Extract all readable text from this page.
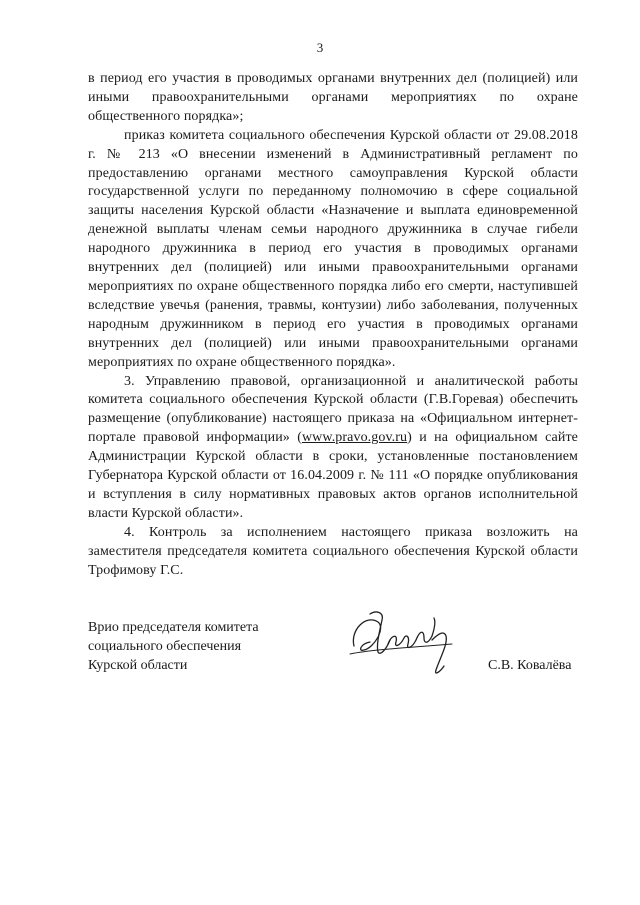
3

в период его участия в проводимых органами внутренних дел (полицией) или иными правоохранительными органами мероприятиях по охране общественного порядка»;

приказ комитета социального обеспечения Курской области от 29.08.2018 г. № 213 «О внесении изменений в Административный регламент по предоставлению органами местного самоуправления Курской области государственной услуги по переданному полномочию в сфере социальной защиты населения Курской области «Назначение и выплата единовременной денежной выплаты членам семьи народного дружинника в случае гибели народного дружинника в период его участия в проводимых органами внутренних дел (полицией) или иными правоохранительными органами мероприятиях по охране общественного порядка либо его смерти, наступившей вследствие увечья (ранения, травмы, контузии) либо заболевания, полученных народным дружинником в период его участия в проводимых органами внутренних дел (полицией) или иными правоохранительными органами мероприятиях по охране общественного порядка».

3. Управлению правовой, организационной и аналитической работы комитета социального обеспечения Курской области (Г.В.Горевая) обеспечить размещение (опубликование) настоящего приказа на «Официальном интернет-портале правовой информации» (www.pravo.gov.ru) и на официальном сайте Администрации Курской области в сроки, установленные постановлением Губернатора Курской области от 16.04.2009 г. № 111 «О порядке опубликования и вступления в силу нормативных правовых актов органов исполнительной власти Курской области».

4. Контроль за исполнением настоящего приказа возложить на заместителя председателя комитета социального обеспечения Курской области Трофимову Г.С.

Врио председателя комитета
социального обеспечения
Курской области	С.В. Ковалёва
